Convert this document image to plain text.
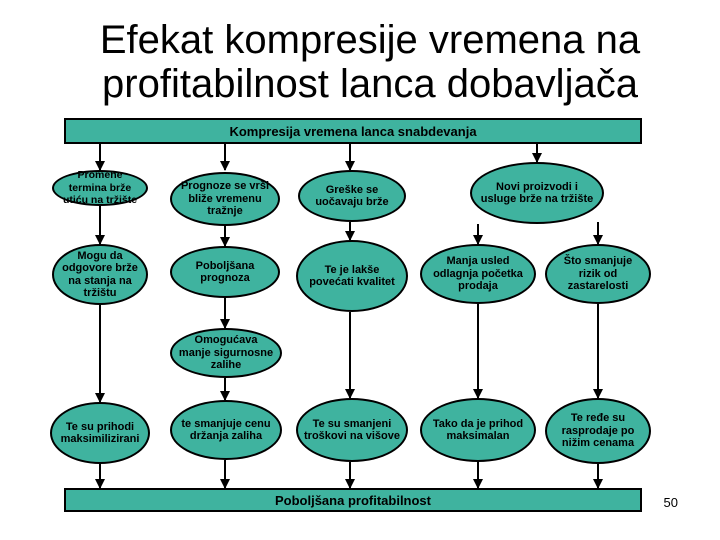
Efekat kompresije vremena na profitabilnost lanca dobavljača
Kompresija vremena lanca snabdevanja
Promene termina brže utiću na tržište
Prognoze se vrši bliže vremenu tražnje
Greške se uočavaju brže
Novi proizvodi i usluge brže na tržište
Mogu da odgovore brže na stanja na tržištu
Poboljšana prognoza
Te je lakše povećati kvalitet
Manja usled odlagnja početka prodaja
Što smanjuje rizik od zastarelosti
Omogućava manje sigurnosne zalihe
Te su prihodi maksimilizirani
te smanjuje cenu držanja zaliha
Te su smanjeni troškovi na višove
Tako da je prihod maksimalan
Te ređe su rasprodaje po nižim cenama
Poboljšana profitabilnost	50
